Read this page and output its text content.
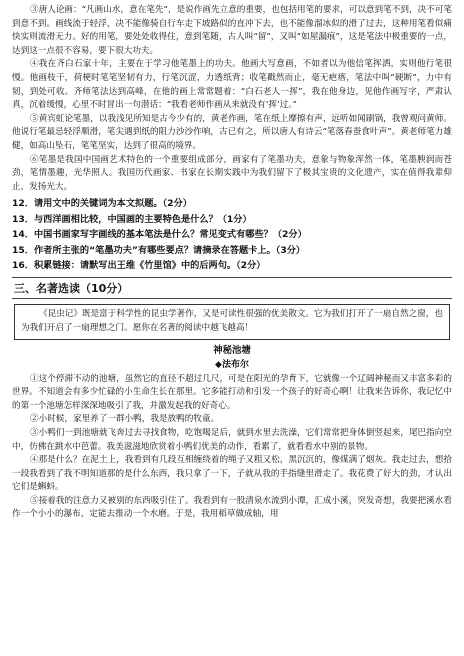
③唐人论画：“凡画山水，意在笔先”，是说作画先立意的重要，也包括用笔的要求，可以意到笔不到，决不可笔到意不到。画线流于轻浮，决不能像骑自行车走下坡路似的直冲下去，也不能像溜冰似的滑了过去，这种用笔看似痛快实则流滑无力。好的用笔，要处处收得住，意到笔随，古人叫“留”，又叫“如屋漏痕”，这是笔法中极重要的一点，达到这一点很不容易，要下很大功夫。

④我在齐白石家十年，主要在于学习他笔墨上的功夫。他画大写意画，不如者以为他信笔挥洒，实则他行笔很慢。他画枝干，荷梗时笔笔坚韧有力，行笔沉涩，力透纸背；收笔戳然而止，毫无疤瘩，笔法中叫“硬断”，力中有韧，到处可收。齐师笔法达到高峰，在他的画上常常题着：“白石老人一挥”，我在他身边，见他作画写字，严肃认真，沉着缓慢，心里不时冒出一句潜话：“我看老师作画从来就没有‘挥’过。”

⑤黄宾虹论笔墨，以我浅见所知是古今少有的，黄老作画，笔在纸上摩擦有声，远听如闻刷锅，我曾观问黄师。他说行笔最忌轻浮顺滑，笔尖遇到纸的阻力沙沙作响，古已有之，所以唐人有诗云“笔落春蚕食叶声”。黄老师笔力雄健，如高山坠石，笔笔坚实，达到了很高的境界。

⑥笔墨是我国中国画艺术特色的一个重要组成部分，画家有了笔墨功夫，意象与物象浑然一体，笔墨腴润而苍劲，笔情墨趣，光华照人。我国历代画家、书家在长期实践中为我们留下了极其宝贵的文化遗产，实在值得我辈仰止，发扬光大。

12．请用文中的关键词为本文拟题。（2分）

13．与西洋画相比较，中国画的主要特色是什么？（1分）

14．中国书画家写字画线的基本笔法是什么？常见变式有哪些？（2分）

15．作者所主张的“笔墨功夫”有哪些要点？请摘录在答题卡上。（3分）

16．积累链接：请默写出王维《竹里馆》中的后两句。（2分）

三、名著选读（10分）
《昆虫记》既是富于科学性的昆虫学著作，又是可读性很强的优美散文。它为我们打开了一扇自然之窗，也为我们开启了一扇理想之门。愿你在名著的阅读中越飞越高！
神秘池塘
◆法布尔

①这个停滞不动的池塘，虽然它的直径不超过几尺，可是在阳光的孕育下，它就像一个辽阔神秘而又丰富多彩的世界。不知道会有多少忙碌的小生命生长在那里。它多能打动和引发一个孩子的好奇心啊！让我来告诉你，我记忆中的第一个池塘怎样深深地吸引了我，并激发起我的好奇心。

②小时候，家里养了一群小鸭，我是放鸭的牧童。

③小鸭们一到池塘就飞奔过去寻找食物，吃饱喝足后，就到水里去洗澡，它们常常把身体倒竖起来，尾巴指向空中，仿佛在跳水中芭蕾。我美滋滋地欣赏着小鸭们优美的动作，看累了，就看看水中别的景物。

④那是什么？在泥土上，我看到有几段互相缠绕着的绳子又粗又松，黑沉沉的，像煤满了烟灰。我走过去，想拾一段我看到了我不明知道那的是什么东西，我只拿了一下，子就从我的手指缝里滑走了。我花费了好大的劲，才认出它们是蝌蚪。

⑤接着我的注意力又被别的东西吸引住了。我看到有一股清泉水流到小潭，汇成小溪，突发奇想，我要把溪水看作一个小小的瀑布，定能去推动一个水磨。于是，我用稻草做成轴，用
